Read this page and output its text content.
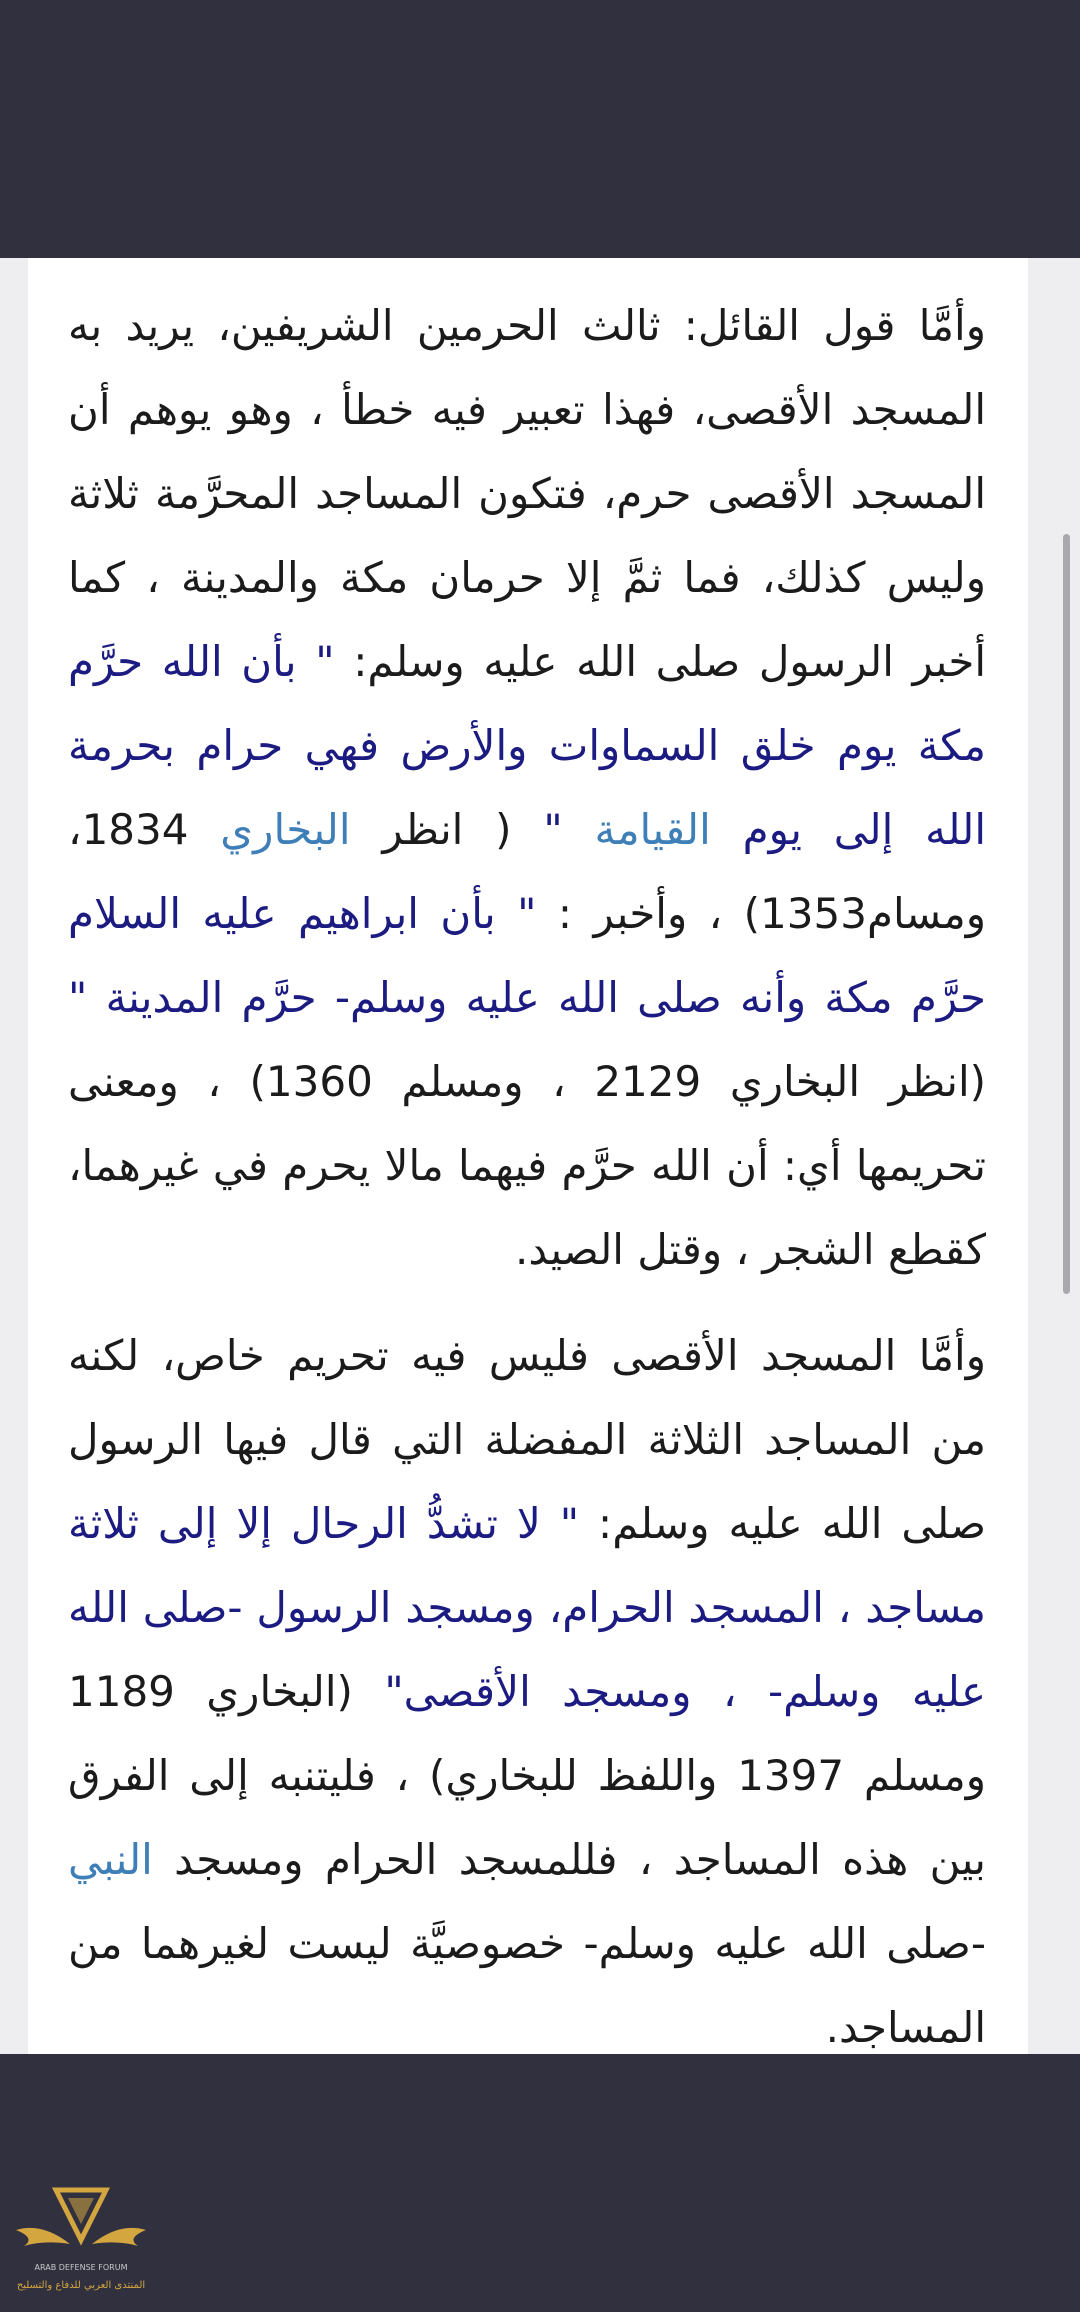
وأمَّا قول القائل: ثالث الحرمين الشريفين، يريد به المسجد الأقصى، فهذا تعبير فيه خطأ ، وهو يوهم أن المسجد الأقصى حرم، فتكون المساجد المحرَّمة ثلاثة وليس كذلك، فما ثمَّ إلا حرمان مكة والمدينة ، كما أخبر الرسول صلى الله عليه وسلم: " بأن الله حرَّم مكة يوم خلق السماوات والأرض فهي حرام بحرمة الله إلى يوم القيامة " ( انظر البخاري 1834، ومسام1353) ، وأخبر : " بأن ابراهيم عليه السلام حرَّم مكة وأنه صلى الله عليه وسلم- حرَّم المدينة " (انظر البخاري 2129 ، ومسلم 1360) ، ومعنى تحريمها أي: أن الله حرَّم فيهما مالا يحرم في غيرهما، كقطع الشجر ، وقتل الصيد.

وأمَّا المسجد الأقصى فليس فيه تحريم خاص، لكنه من المساجد الثلاثة المفضلة التي قال فيها الرسول صلى الله عليه وسلم: " لا تشدُّ الرحال إلا إلى ثلاثة مساجد ، المسجد الحرام، ومسجد الرسول -صلى الله عليه وسلم- ، ومسجد الأقصى" (البخاري 1189 ومسلم 1397 واللفظ للبخاري) ، فليتنبه إلى الفرق بين هذه المساجد ، فللمسجد الحرام ومسجد النبي -صلى الله عليه وسلم- خصوصيَّة ليست لغيرهما من المساجد.

ARAB DEFENSE FORUM
المنتدى العربي للدفاع والتسليح
